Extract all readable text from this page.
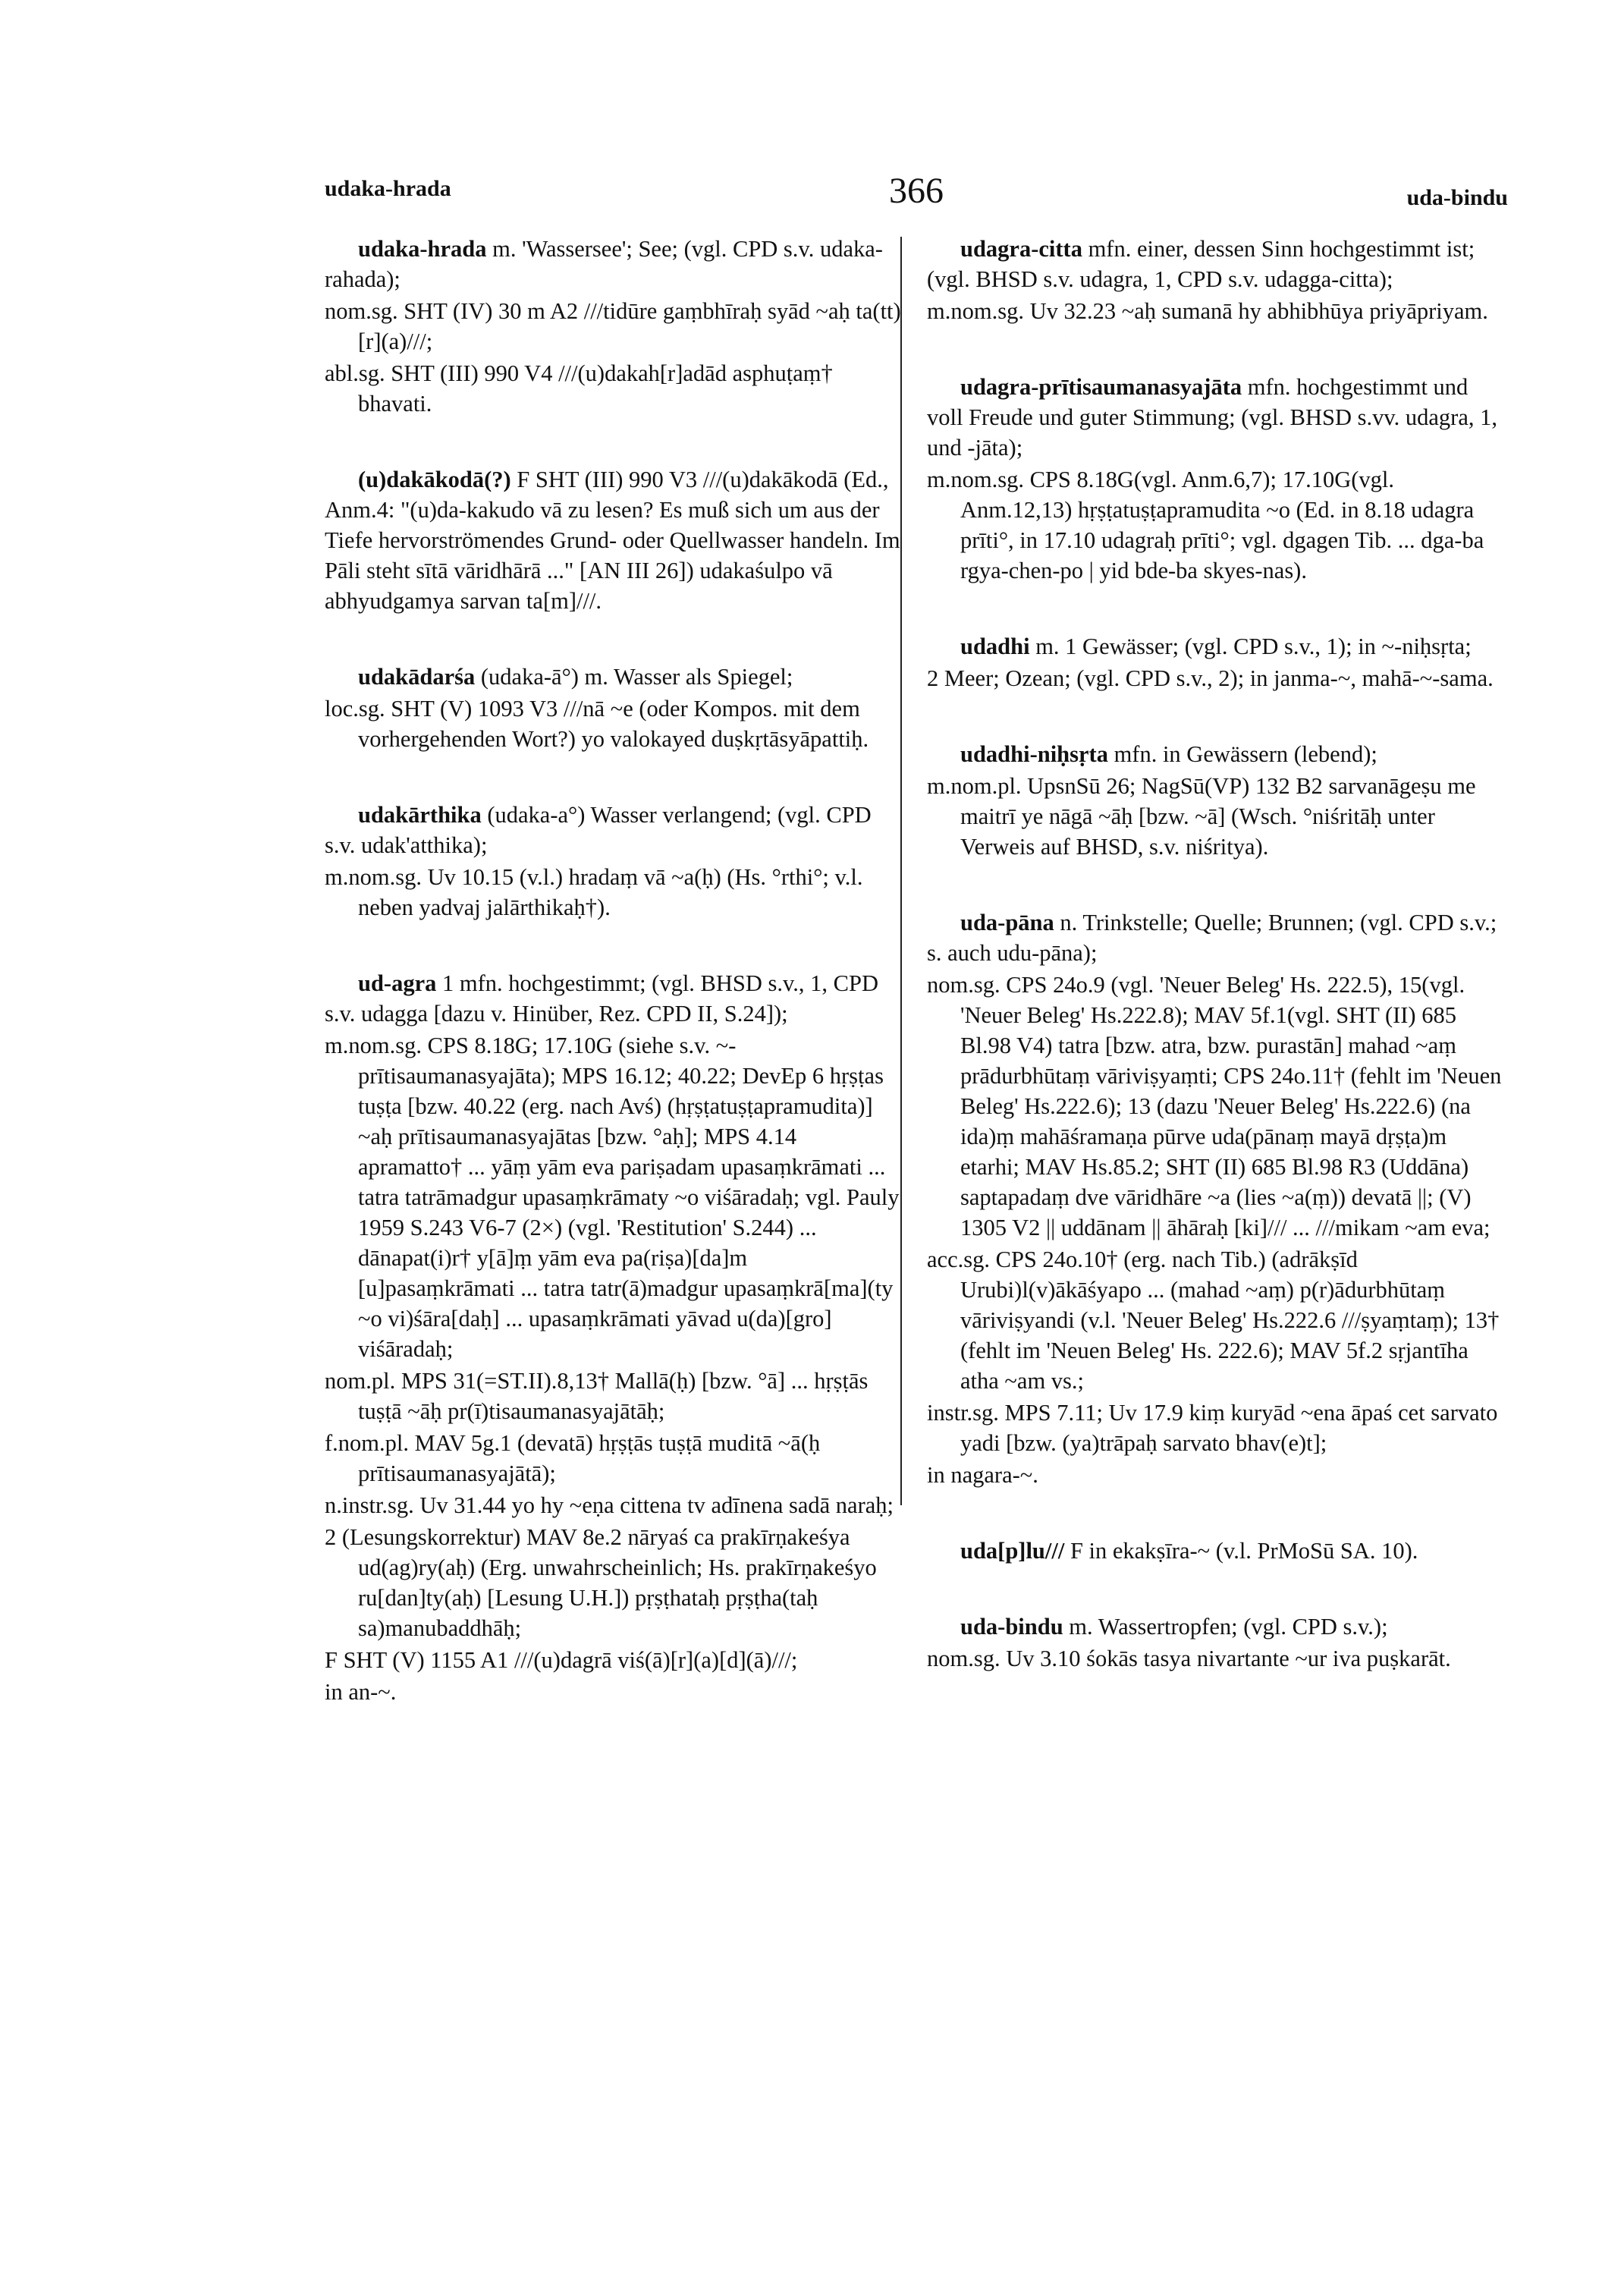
udaka-hrada	366	uda-bindu

udaka-hrada m. 'Wassersee'; See; (vgl. CPD s.v. udaka-rahada);

nom.sg. SHT (IV) 30 m A2 ///tidūre gaṃbhīraḥ syād ~aḥ ta(tt)[r](a)///;

abl.sg. SHT (III) 990 V4 ///(u)dakah[r]adād asphuṭaṃ† bhavati.

(u)dakākodā(?) F SHT (III) 990 V3 ///(u)dakākodā (Ed., Anm.4: "(u)da-kakudo vā zu lesen? Es muß sich um aus der Tiefe hervorströmendes Grund- oder Quellwasser handeln. Im Pāli steht sītā vāridhārā ..." [AN III 26]) udakaśulpo vā abhyudgamya sarvan ta[m]///.

udakādarśa (udaka-ā°) m. Wasser als Spiegel;

loc.sg. SHT (V) 1093 V3 ///nā ~e (oder Kompos. mit dem vorhergehenden Wort?) yo valokayed duṣkṛtāsyāpattiḥ.

udakārthika (udaka-a°) Wasser verlangend; (vgl. CPD s.v. udak'atthika);

m.nom.sg. Uv 10.15 (v.l.) hradaṃ vā ~a(ḥ) (Hs. °rthi°; v.l. neben yadvaj jalārthikaḥ†).

ud-agra 1 mfn. hochgestimmt; (vgl. BHSD s.v., 1, CPD s.v. udagga [dazu v. Hinüber, Rez. CPD II, S.24]);

m.nom.sg. CPS 8.18G; 17.10G (siehe s.v. ~-prītisaumanasyajāta); MPS 16.12; 40.22; DevEp 6 hṛṣṭas tuṣṭa [bzw. 40.22 (erg. nach Avś) (hṛṣṭatuṣṭapramudita)] ~aḥ prītisaumanasyajātas [bzw. °aḥ]; MPS 4.14 apramatto† ... yāṃ yām eva pariṣadam upasaṃkrāmati ... tatra tatrāmadgur upasaṃkrāmaty ~o viśāradaḥ; vgl. Pauly 1959 S.243 V6-7 (2×) (vgl. 'Restitution' S.244) ... dānapat(i)r† y[ā]ṃ yām eva pa(riṣa)[da]m [u]pasaṃkrāmati ... tatra tatr(ā)madgur upasaṃkrā[ma](ty ~o vi)śāra[daḥ] ... upasaṃkrāmati yāvad u(da)[gro] viśāradaḥ;

nom.pl. MPS 31(=ST.II).8,13† Mallā(ḥ) [bzw. °ā] ... hṛṣṭās tuṣṭā ~āḥ pr(ī)tisaumanasyajātāḥ;

f.nom.pl. MAV 5g.1 (devatā) hṛṣṭās tuṣṭā muditā ~ā(ḥ prītisaumanasyajātā);

n.instr.sg. Uv 31.44 yo hy ~eṇa cittena tv adīnena sadā naraḥ;

2 (Lesungskorrektur) MAV 8e.2 nāryaś ca prakīrṇakeśya ud(ag)ry(aḥ) (Erg. unwahrscheinlich; Hs. prakīrṇakeśyo ru[dan]ty(aḥ) [Lesung U.H.]) pṛṣṭhataḥ pṛṣṭha(taḥ sa)manubaddhāḥ;

F SHT (V) 1155 A1 ///(u)dagrā viś(ā)[r](a)[d](ā)///;

in an-~.

udagra-citta mfn. einer, dessen Sinn hochgestimmt ist; (vgl. BHSD s.v. udagra, 1, CPD s.v. udagga-citta);

m.nom.sg. Uv 32.23 ~aḥ sumanā hy abhibhūya priyāpriyam.

udagra-prītisaumanasyajāta mfn. hochgestimmt und voll Freude und guter Stimmung; (vgl. BHSD s.vv. udagra, 1, und -jāta);

m.nom.sg. CPS 8.18G(vgl. Anm.6,7); 17.10G(vgl. Anm.12,13) hṛṣṭatuṣṭapramudita ~o (Ed. in 8.18 udagra prīti°, in 17.10 udagraḥ prīti°; vgl. dgagen Tib. ... dga-ba rgya-chen-po | yid bde-ba skyes-nas).

udadhi m. 1 Gewässer; (vgl. CPD s.v., 1); in ~-niḥsṛta;

2 Meer; Ozean; (vgl. CPD s.v., 2); in janma-~, mahā-~-sama.

udadhi-niḥsṛta mfn. in Gewässern (lebend);

m.nom.pl. UpsnSū 26; NagSū(VP) 132 B2 sarvanāgeṣu me maitrī ye nāgā ~āḥ [bzw. ~ā] (Wsch. °niśritāḥ unter Verweis auf BHSD, s.v. niśritya).

uda-pāna n. Trinkstelle; Quelle; Brunnen; (vgl. CPD s.v.; s. auch udu-pāna);

nom.sg. CPS 24o.9 (vgl. 'Neuer Beleg' Hs. 222.5), 15(vgl. 'Neuer Beleg' Hs.222.8); MAV 5f.1(vgl. SHT (II) 685 Bl.98 V4) tatra [bzw. atra, bzw. purastān] mahad ~aṃ prādurbhūtaṃ vāriviṣyaṃti; CPS 24o.11† (fehlt im 'Neuen Beleg' Hs.222.6); 13 (dazu 'Neuer Beleg' Hs.222.6) (na ida)ṃ mahāśramaṇa pūrve uda(pānaṃ mayā dṛṣṭa)m etarhi; MAV Hs.85.2; SHT (II) 685 Bl.98 R3 (Uddāna) saptapadaṃ dve vāridhāre ~a (lies ~a(ṃ)) devatā ||; (V) 1305 V2 || uddānam || āhāraḥ [ki]/// ... ///mikam ~am eva;

acc.sg. CPS 24o.10† (erg. nach Tib.) (adrākṣīd Urubi)l(v)ākāśyapo ... (mahad ~aṃ) p(r)ādurbhūtaṃ vāriviṣyandi (v.l. 'Neuer Beleg' Hs.222.6 ///ṣyaṃtaṃ); 13† (fehlt im 'Neuen Beleg' Hs. 222.6); MAV 5f.2 sṛjantīha atha ~am vs.;

instr.sg. MPS 7.11; Uv 17.9 kiṃ kuryād ~ena āpaś cet sarvato yadi [bzw. (ya)trāpaḥ sarvato bhav(e)t];

in nagara-~.

uda[p]lu/// F in ekakṣīra-~ (v.l. PrMoSū SA. 10).

uda-bindu m. Wassertropfen; (vgl. CPD s.v.);

nom.sg. Uv 3.10 śokās tasya nivartante ~ur iva puṣkarāt.
